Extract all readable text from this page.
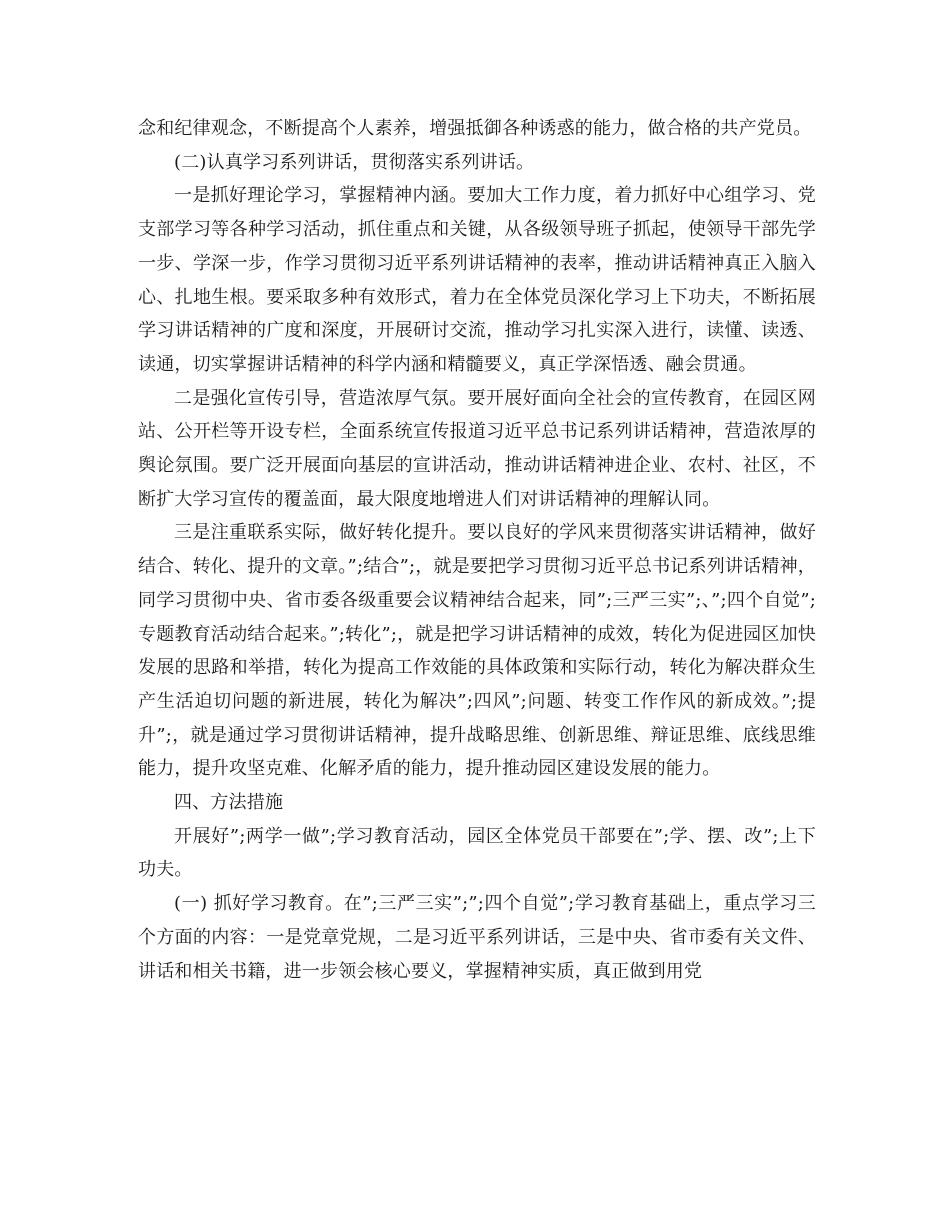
念和纪律观念，不断提高个人素养，增强抵御各种诱惑的能力，做合格的共产党员。

(二)认真学习系列讲话，贯彻落实系列讲话。

一是抓好理论学习，掌握精神内涵。要加大工作力度，着力抓好中心组学习、党支部学习等各种学习活动，抓住重点和关键，从各级领导班子抓起，使领导干部先学一步、学深一步，作学习贯彻习近平系列讲话精神的表率，推动讲话精神真正入脑入心、扎地生根。要采取多种有效形式，着力在全体党员深化学习上下功夫，不断拓展学习讲话精神的广度和深度，开展研讨交流，推动学习扎实深入进行，读懂、读透、读通，切实掌握讲话精神的科学内涵和精髓要义，真正学深悟透、融会贯通。

二是强化宣传引导，营造浓厚气氛。要开展好面向全社会的宣传教育，在园区网站、公开栏等开设专栏，全面系统宣传报道习近平总书记系列讲话精神，营造浓厚的舆论氛围。要广泛开展面向基层的宣讲活动，推动讲话精神进企业、农村、社区，不断扩大学习宣传的覆盖面，最大限度地增进人们对讲话精神的理解认同。

三是注重联系实际，做好转化提升。要以良好的学风来贯彻落实讲话精神，做好结合、转化、提升的文章。”;结合”;，就是要把学习贯彻习近平总书记系列讲话精神，同学习贯彻中央、省市委各级重要会议精神结合起来，同”;三严三实”;、”;四个自觉”;专题教育活动结合起来。”;转化”;，就是把学习讲话精神的成效，转化为促进园区加快发展的思路和举措，转化为提高工作效能的具体政策和实际行动，转化为解决群众生产生活迫切问题的新进展，转化为解决”;四风”;问题、转变工作作风的新成效。”;提升”;，就是通过学习贯彻讲话精神，提升战略思维、创新思维、辩证思维、底线思维能力，提升攻坚克难、化解矛盾的能力，提升推动园区建设发展的能力。

四、方法措施

开展好”;两学一做”;学习教育活动，园区全体党员干部要在”;学、摆、改”;上下功夫。

(一) 抓好学习教育。在”;三严三实”;”;四个自觉”;学习教育基础上，重点学习三个方面的内容：一是党章党规，二是习近平系列讲话，三是中央、省市委有关文件、讲话和相关书籍，进一步领会核心要义，掌握精神实质，真正做到用党
